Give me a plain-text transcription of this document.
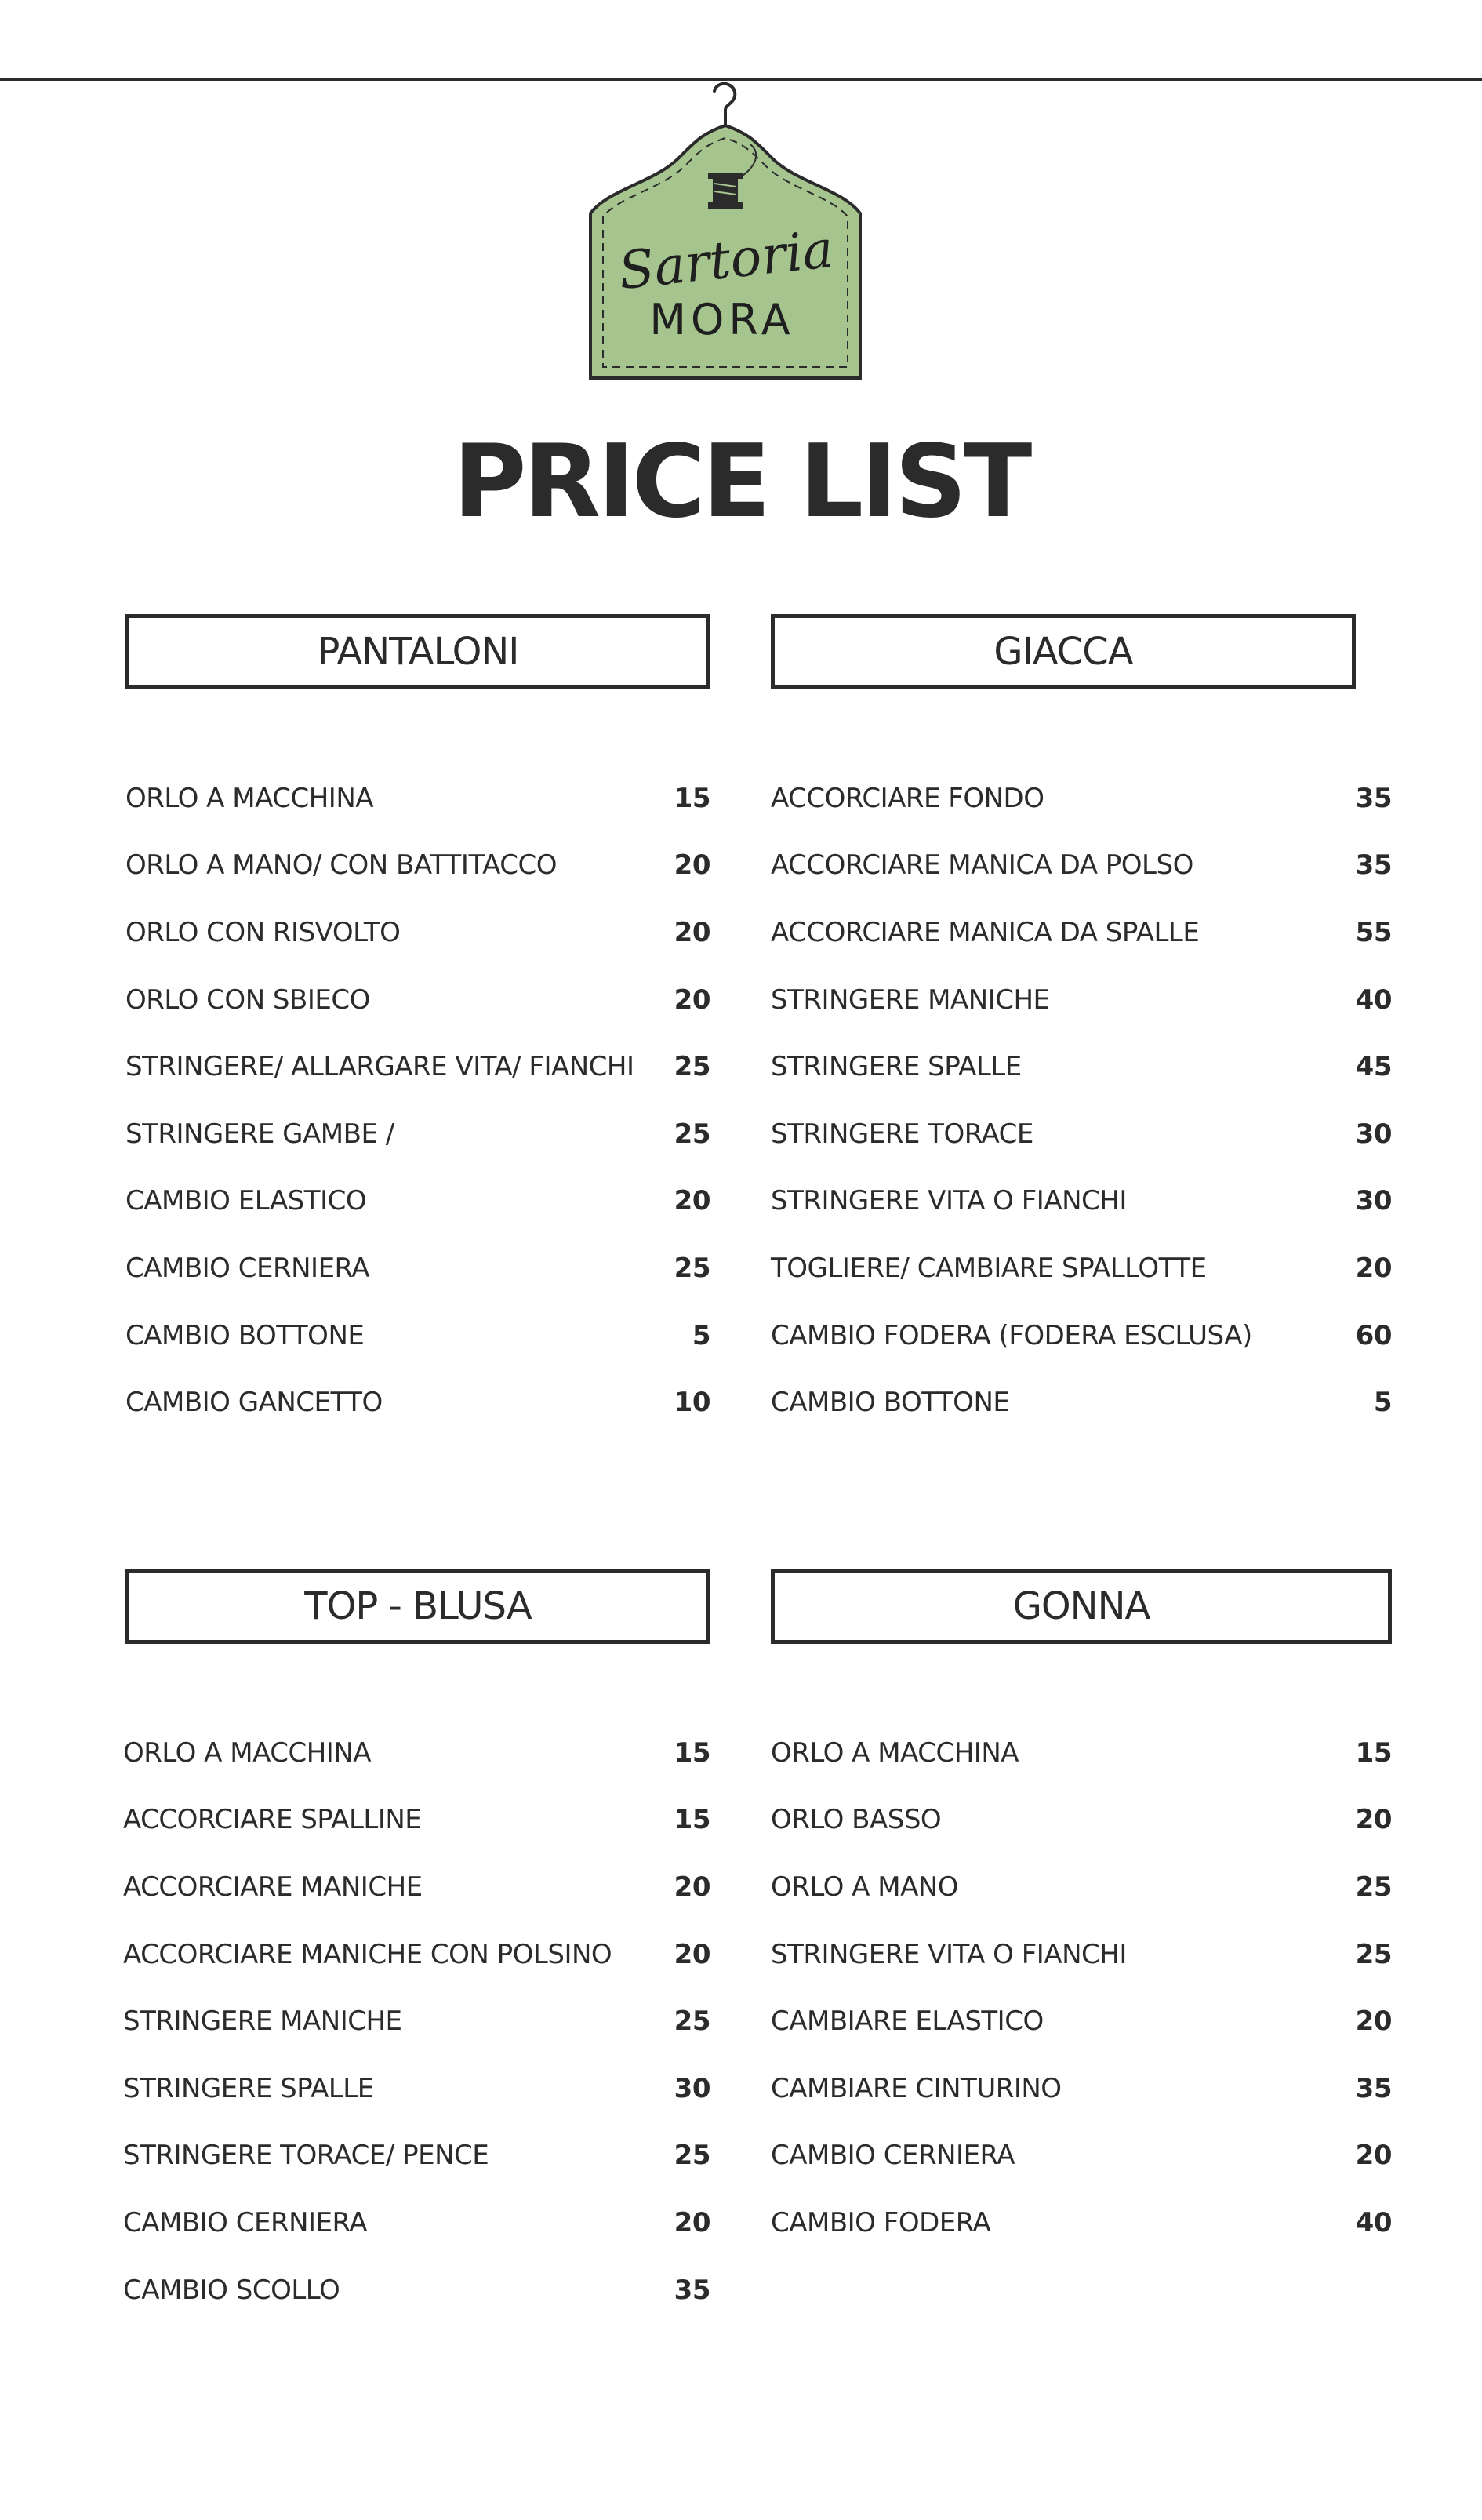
Sartoria
MORA
PRICE LIST
PANTALONI
ORLO A MACCHINA	15
ORLO A MANO/ CON BATTITACCO	20
ORLO CON RISVOLTO	20
ORLO CON SBIECO	20
STRINGERE/ ALLARGARE VITA/ FIANCHI 25
STRINGERE GAMBE /	25
CAMBIO ELASTICO	20
CAMBIO CERNIERA	25
CAMBIO BOTTONE	5
CAMBIO GANCETTO	10
GIACCA
ACCORCIARE FONDO	35
ACCORCIARE MANICA DA POLSO	35
ACCORCIARE MANICA DA SPALLE	55
STRINGERE MANICHE	40
STRINGERE SPALLE	45
STRINGERE TORACE	30
STRINGERE VITA O FIANCHI	30
TOGLIERE/ CAMBIARE SPALLOTTE	20
CAMBIO FODERA (FODERA ESCLUSA)	60
CAMBIO BOTTONE	5
TOP - BLUSA
ORLO A MACCHINA	15
ACCORCIARE SPALLINE	15
ACCORCIARE MANICHE	20
ACCORCIARE MANICHE CON POLSINO 20
STRINGERE MANICHE	25
STRINGERE SPALLE	30
STRINGERE TORACE/ PENCE	25
CAMBIO CERNIERA	20
CAMBIO SCOLLO	35
GONNA
ORLO A MACCHINA	15
ORLO BASSO	20
ORLO A MANO	25
STRINGERE VITA O FIANCHI	25
CAMBIARE ELASTICO	20
CAMBIARE CINTURINO	35
CAMBIO CERNIERA	20
CAMBIO FODERA	40
